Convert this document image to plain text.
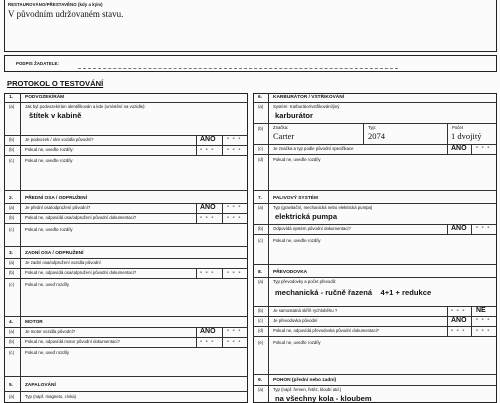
RESTAUROVÁNO/PŘESTAVĚNO (kdy a kým)
V původním udržovaném stavu.
PODPIS ŽADATELE:
PROTOKOL O TESTOVÁNÍ
1. PODVOZEK/RÁM
(a) Jak byl podvozek/rám identifikován a kde (umístění na vozidle):
štítek v kabině
(b) Je podvozek / rám vozidla původní?	ANO - - -
(b) Pokud ne, uveďte rozdíly:	- - - - - -
(c)	Pokud ne, uveďte rozdíly
2. PŘEDNÍ OSA / ODPRUŽENÍ
(a) Je přední osa/odpružení původní?	ANO - - -
(b) Pokud ne, odpovídá osa/odpružení původní dokumentaci?	- - - - - -
(c)	Pokud ne, uveďte rozdíly
3. ZADNÍ OSA / ODPRUŽENÍ
(a) Je zadní osa/odpružení vozidla původní
(b) Pokud ne, odpovídá osa/odpružení původní dokumentaci?	- - - - - -
(c)	Pokud ne, uveď rozdíly
4. MOTOR
(a) Je motor vozidla původní?	ANO - - -
(b) Pokud ne, odpovídá motor původní dokumentaci?	- - - - - -
(c)	Pokud ne, uveď rozdíly
5. ZAPALOVÁNÍ
(a) Typ (např. magneto, cívka)
6. KARBURÁTOR / VSTŘIKOVÁNÍ
(a) Systém: Karburátor/vstřikování/jiný
karburátor
(b) Značka:
Carter
Typ:
2074
Počet
1 dvojitý
(c) Je značka a typ podle původní specifikace	ANO - - -
(d) Pokud ne, uveďte rozdíly
7. PALIVOVÝ SYSTÉM
(a) Typ (gravitační, mechanická nebo elektrická pumpa)
elektrická pumpa
(b) Odpovídá systém původní dokumentaci?	ANO - - -
(c) Pokud ne, uveďte rozdíly
8. PŘEVODOVKA
(a) Typ převodovky a počet převodů:
mechanická - ručně řazená    4+1 + redukce
(b) Je samostatná skříň rychloběhu ?	- - - NE
(c) Je převodovka původní	ANO - - -
(d) Pokud ne, odpovídá převodovka původní dokumentaci?	- - - - - -
(e) Pokud ne, uveďte rozdíly
9. POHON (přední nebo zadní)
(a) Typ (např. řemen, řetěz, kloubí atd.)
na všechny kola - kloubem
